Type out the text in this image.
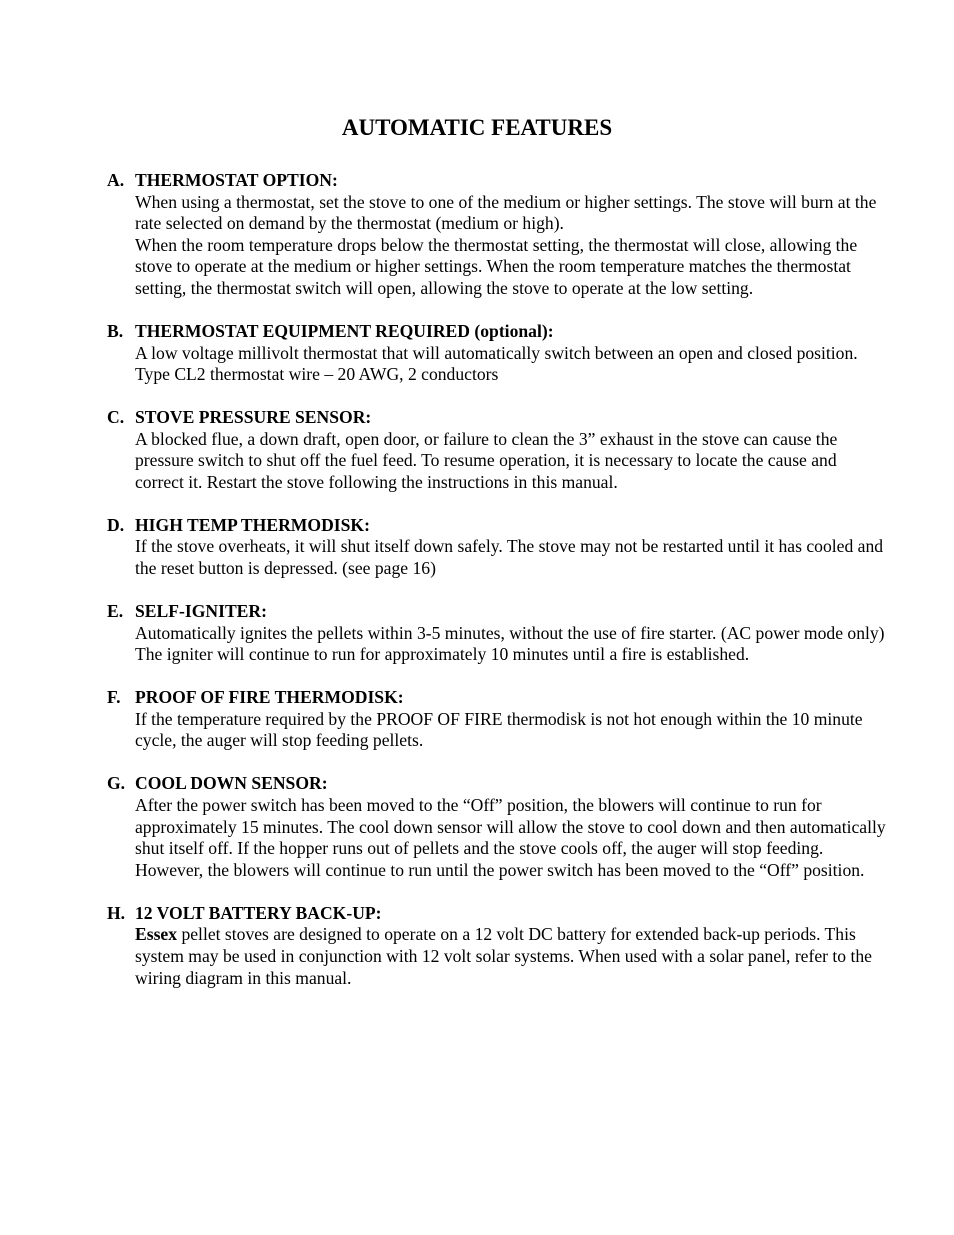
AUTOMATIC FEATURES
A. THERMOSTAT OPTION:

When using a thermostat, set the stove to one of the medium or higher settings. The stove will burn at the rate selected on demand by the thermostat (medium or high).

When the room temperature drops below the thermostat setting, the thermostat will close, allowing the stove to operate at the medium or higher settings. When the room temperature matches the thermostat setting, the thermostat switch will open, allowing the stove to operate at the low setting.

B. THERMOSTAT EQUIPMENT REQUIRED (optional):

A low voltage millivolt thermostat that will automatically switch between an open and closed position. Type CL2 thermostat wire – 20 AWG, 2 conductors

C. STOVE PRESSURE SENSOR:

A blocked flue, a down draft, open door, or failure to clean the 3” exhaust in the stove can cause the pressure switch to shut off the fuel feed. To resume operation, it is necessary to locate the cause and correct it. Restart the stove following the instructions in this manual.

D. HIGH TEMP THERMODISK:

If the stove overheats, it will shut itself down safely. The stove may not be restarted until it has cooled and the reset button is depressed. (see page 16)

E. SELF-IGNITER:

Automatically ignites the pellets within 3-5 minutes, without the use of fire starter. (AC power mode only) The igniter will continue to run for approximately 10 minutes until a fire is established.

F. PROOF OF FIRE THERMODISK:

If the temperature required by the PROOF OF FIRE thermodisk is not hot enough within the 10 minute cycle, the auger will stop feeding pellets.

G. COOL DOWN SENSOR:

After the power switch has been moved to the “Off” position, the blowers will continue to run for approximately 15 minutes. The cool down sensor will allow the stove to cool down and then automatically shut itself off. If the hopper runs out of pellets and the stove cools off, the auger will stop feeding. However, the blowers will continue to run until the power switch has been moved to the “Off” position.

H. 12 VOLT BATTERY BACK-UP:

Essex pellet stoves are designed to operate on a 12 volt DC battery for extended back-up periods. This system may be used in conjunction with 12 volt solar systems. When used with a solar panel, refer to the wiring diagram in this manual.
